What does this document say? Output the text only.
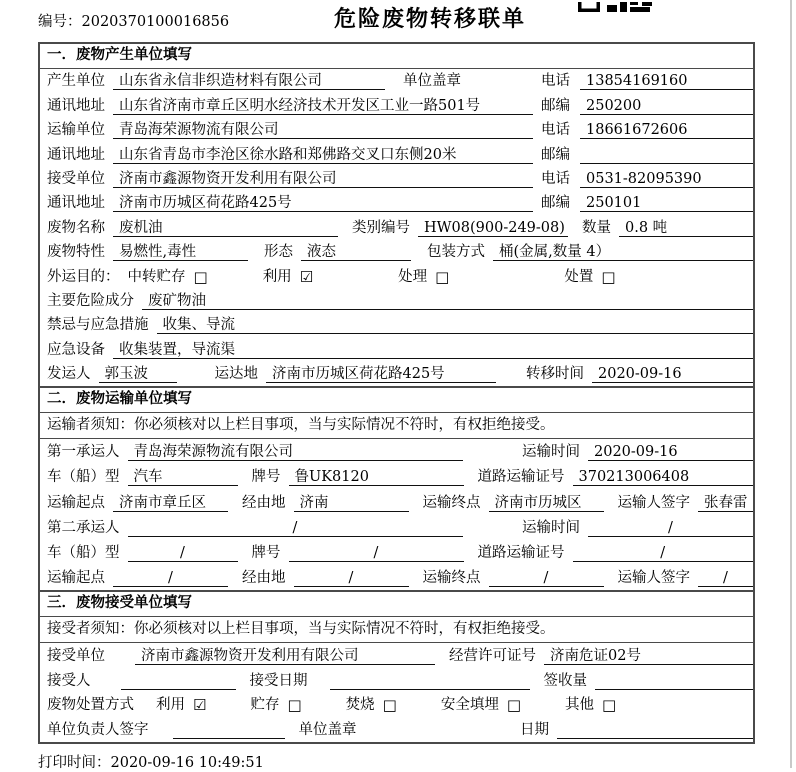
编号：2020370100016856	危险废物转移联单
一．废物产生单位填写
产生单位 山东省永信非织造材料有限公司	单位盖章	电话	13854169160
通讯地址 山东省济南市章丘区明水经济技术开发区工业一路501号	邮编	250200
运输单位 青岛海荣源物流有限公司	电话	18661672606
通讯地址 山东省青岛市李沧区徐水路和郑佛路交叉口东侧20米	邮编
接受单位 济南市鑫源物资开发利用有限公司	电话	0531-82095390
通讯地址 济南市历城区荷花路425号	邮编	250101
废物名称 废机油	类别编号 HW08(900-249-08) 数量 0.8 吨
废物特性 易燃性,毒性	形态 液态	包装方式 桶(金属,数量 4）
外运目的： 中转贮存 □	利用 ☑	处理 □	处置 □
主要危险成分 废矿物油
禁忌与应急措施 收集、导流
应急设备 收集装置，导流渠
发运人 郭玉波	运达地 济南市历城区荷花路425号	转移时间 2020-09-16
二．废物运输单位填写
运输者须知：你必须核对以上栏目事项，当与实际情况不符时，有权拒绝接受。
第一承运人 青岛海荣源物流有限公司	运输时间 2020-09-16
车（船）型 汽车	牌号 鲁UK8120	道路运输证号 370213006408
运输起点 济南市章丘区	经由地 济南	运输终点 济南市历城区	运输人签字 张春雷
第二承运人	/	运输时间	/
车（船）型	/	牌号	/	道路运输证号	/
运输起点	/	经由地	/	运输终点	/	运输人签字	/
三．废物接受单位填写
接受者须知：你必须核对以上栏目事项，当与实际情况不符时，有权拒绝接受。
接受单位	济南市鑫源物资开发利用有限公司	经营许可证号 济南危证02号
接受人	接受日期	签收量
废物处置方式 利用 ☑	贮存 □	焚烧 □	安全填埋 □	其他 □
单位负责人签字	单位盖章	日期
打印时间：2020-09-16 10:49:51
